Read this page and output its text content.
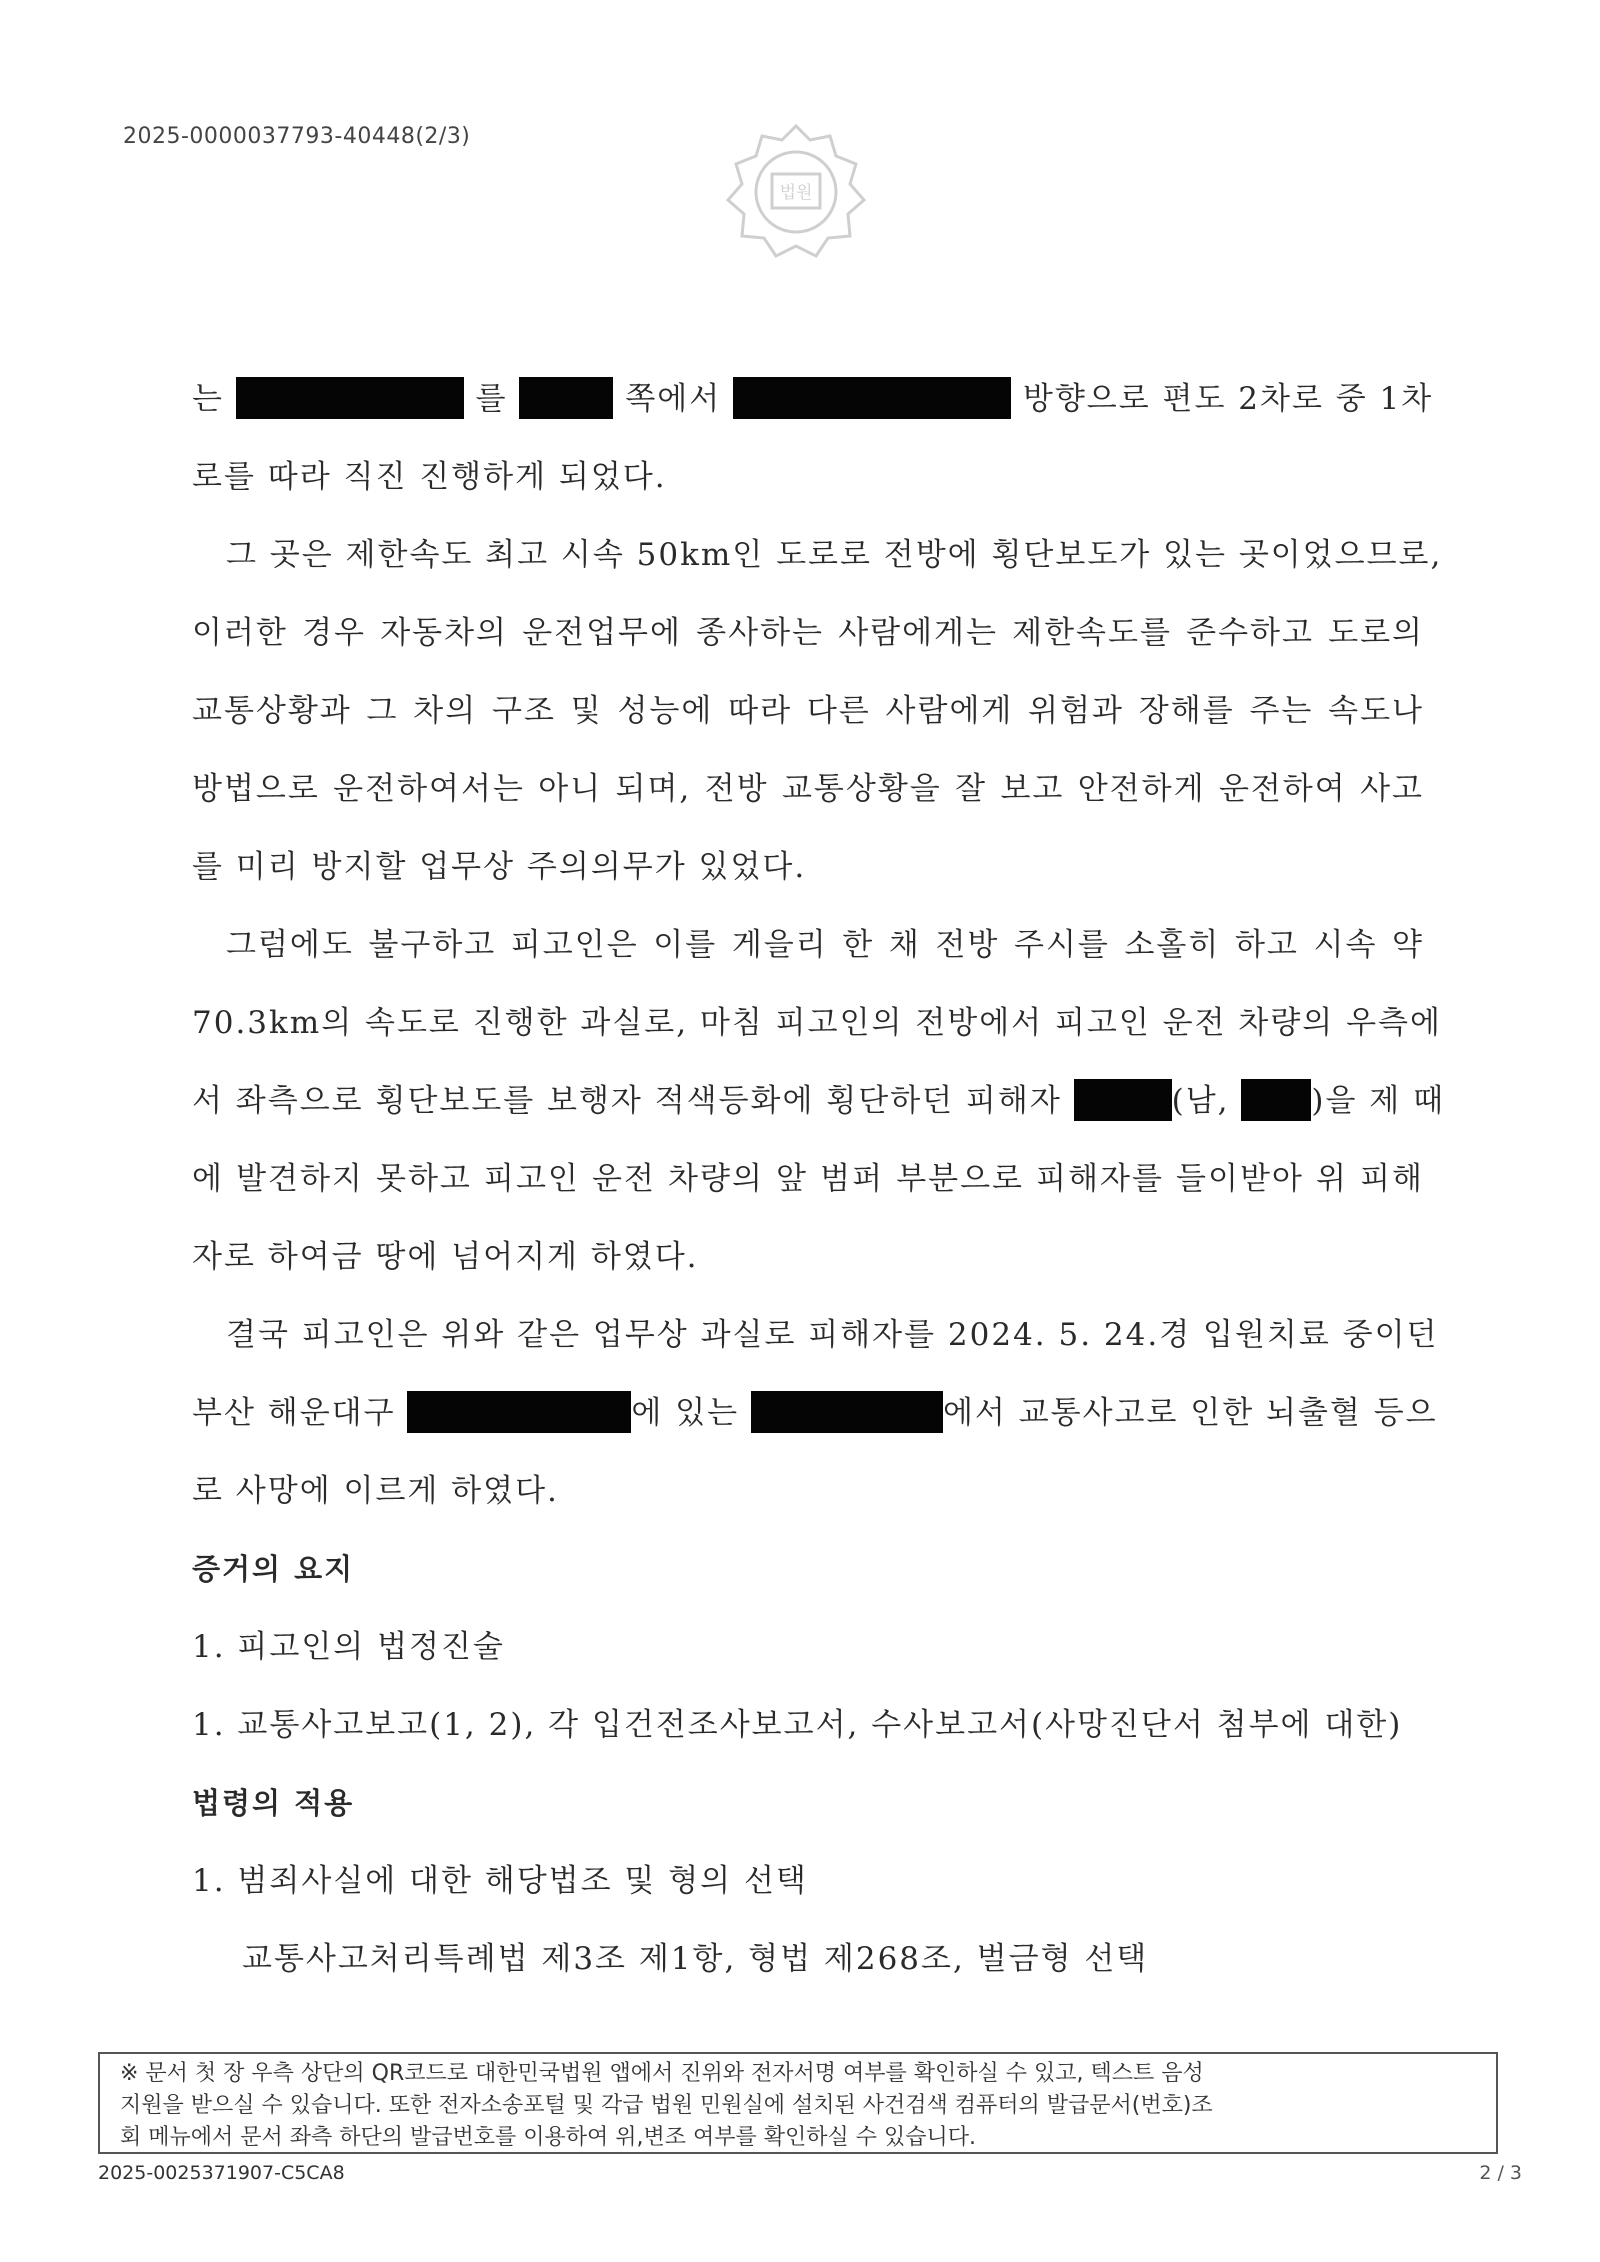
2025-0000037793-40448(2/3)
법원
는	를	쪽에서	방향으로 편도 2차로 중 1차
로를 따라 직진 진행하게 되었다.
그 곳은 제한속도 최고 시속 50km인 도로로 전방에 횡단보도가 있는 곳이었으므로,
이러한 경우 자동차의 운전업무에 종사하는 사람에게는 제한속도를 준수하고 도로의
교통상황과 그 차의 구조 및 성능에 따라 다른 사람에게 위험과 장해를 주는 속도나
방법으로 운전하여서는 아니 되며, 전방 교통상황을 잘 보고 안전하게 운전하여 사고
를 미리 방지할 업무상 주의의무가 있었다.
그럼에도 불구하고 피고인은 이를 게을리 한 채 전방 주시를 소홀히 하고 시속 약
70.3km의 속도로 진행한 과실로, 마침 피고인의 전방에서 피고인 운전 차량의 우측에
서 좌측으로 횡단보도를 보행자 적색등화에 횡단하던 피해자	(남,	)을 제 때
에 발견하지 못하고 피고인 운전 차량의 앞 범퍼 부분으로 피해자를 들이받아 위 피해
자로 하여금 땅에 넘어지게 하였다.
결국 피고인은 위와 같은 업무상 과실로 피해자를 2024. 5. 24.경 입원치료 중이던
부산 해운대구	에 있는	에서 교통사고로 인한 뇌출혈 등으
로 사망에 이르게 하였다.
증거의 요지
1. 피고인의 법정진술
1. 교통사고보고(1, 2), 각 입건전조사보고서, 수사보고서(사망진단서 첨부에 대한)
법령의 적용
1. 범죄사실에 대한 해당법조 및 형의 선택
교통사고처리특례법 제3조 제1항, 형법 제268조, 벌금형 선택
※ 문서 첫 장 우측 상단의 QR코드로 대한민국법원 앱에서 진위와 전자서명 여부를 확인하실 수 있고, 텍스트 음성
지원을 받으실 수 있습니다. 또한 전자소송포털 및 각급 법원 민원실에 설치된 사건검색 컴퓨터의 발급문서(번호)조
회 메뉴에서 문서 좌측 하단의 발급번호를 이용하여 위,변조 여부를 확인하실 수 있습니다.
2025-0025371907-C5CA8	2 / 3
